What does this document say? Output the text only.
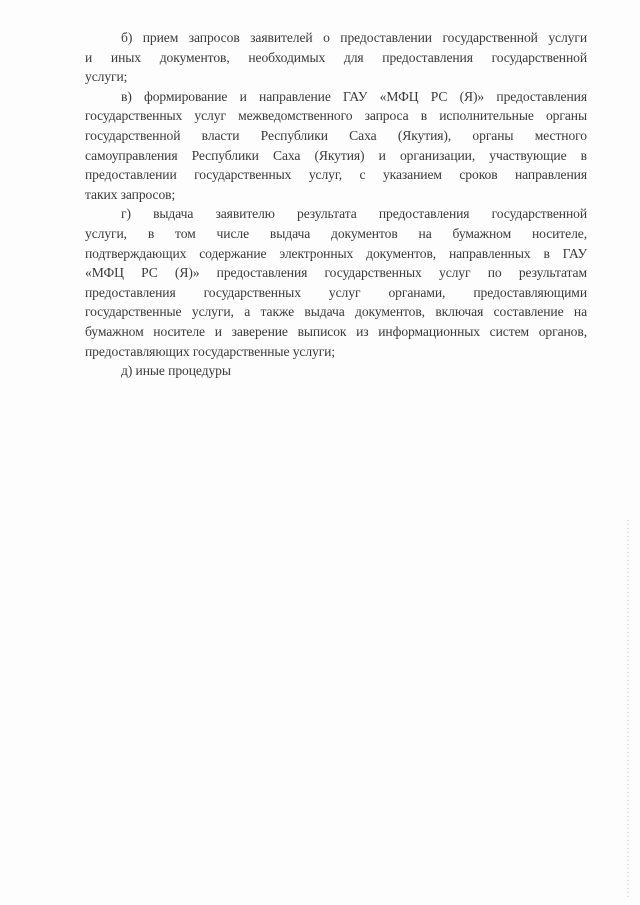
б) прием запросов заявителей о предоставлении государственной услуги
и иных документов, необходимых для предоставления государственной
услуги;

в) формирование и направление ГАУ «МФЦ РС (Я)» предоставления
государственных услуг межведомственного запроса в исполнительные органы
государственной власти Республики Саха (Якутия), органы местного
самоуправления Республики Саха (Якутия) и организации, участвующие в
предоставлении государственных услуг, с указанием сроков направления
таких запросов;

г) выдача заявителю результата предоставления государственной
услуги, в том числе выдача документов на бумажном носителе,
подтверждающих содержание электронных документов, направленных в ГАУ
«МФЦ РС (Я)» предоставления государственных услуг по результатам
предоставления государственных услуг органами, предоставляющими
государственные услуги, а также выдача документов, включая составление на
бумажном носителе и заверение выписок из информационных систем органов,
предоставляющих государственные услуги;

д) иные процедуры
